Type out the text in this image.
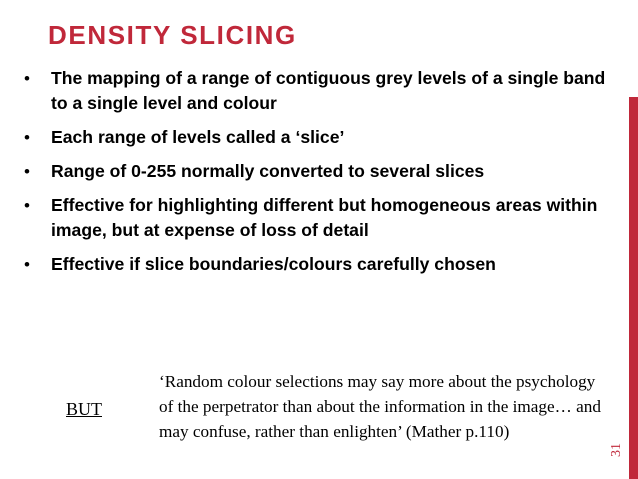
DENSITY SLICING
• The mapping of a range of contiguous grey levels of a single band to a single level and colour
• Each range of levels called a ‘slice’
• Range of 0-255 normally converted to several slices
• Effective for highlighting different but homogeneous areas within image, but at expense of loss of detail
• Effective if slice boundaries/colours carefully chosen
BUT

‘Random colour selections may say more about the psychology of the perpetrator than about the information in the image… and may confuse, rather than enlighten’ (Mather p.110)

31
